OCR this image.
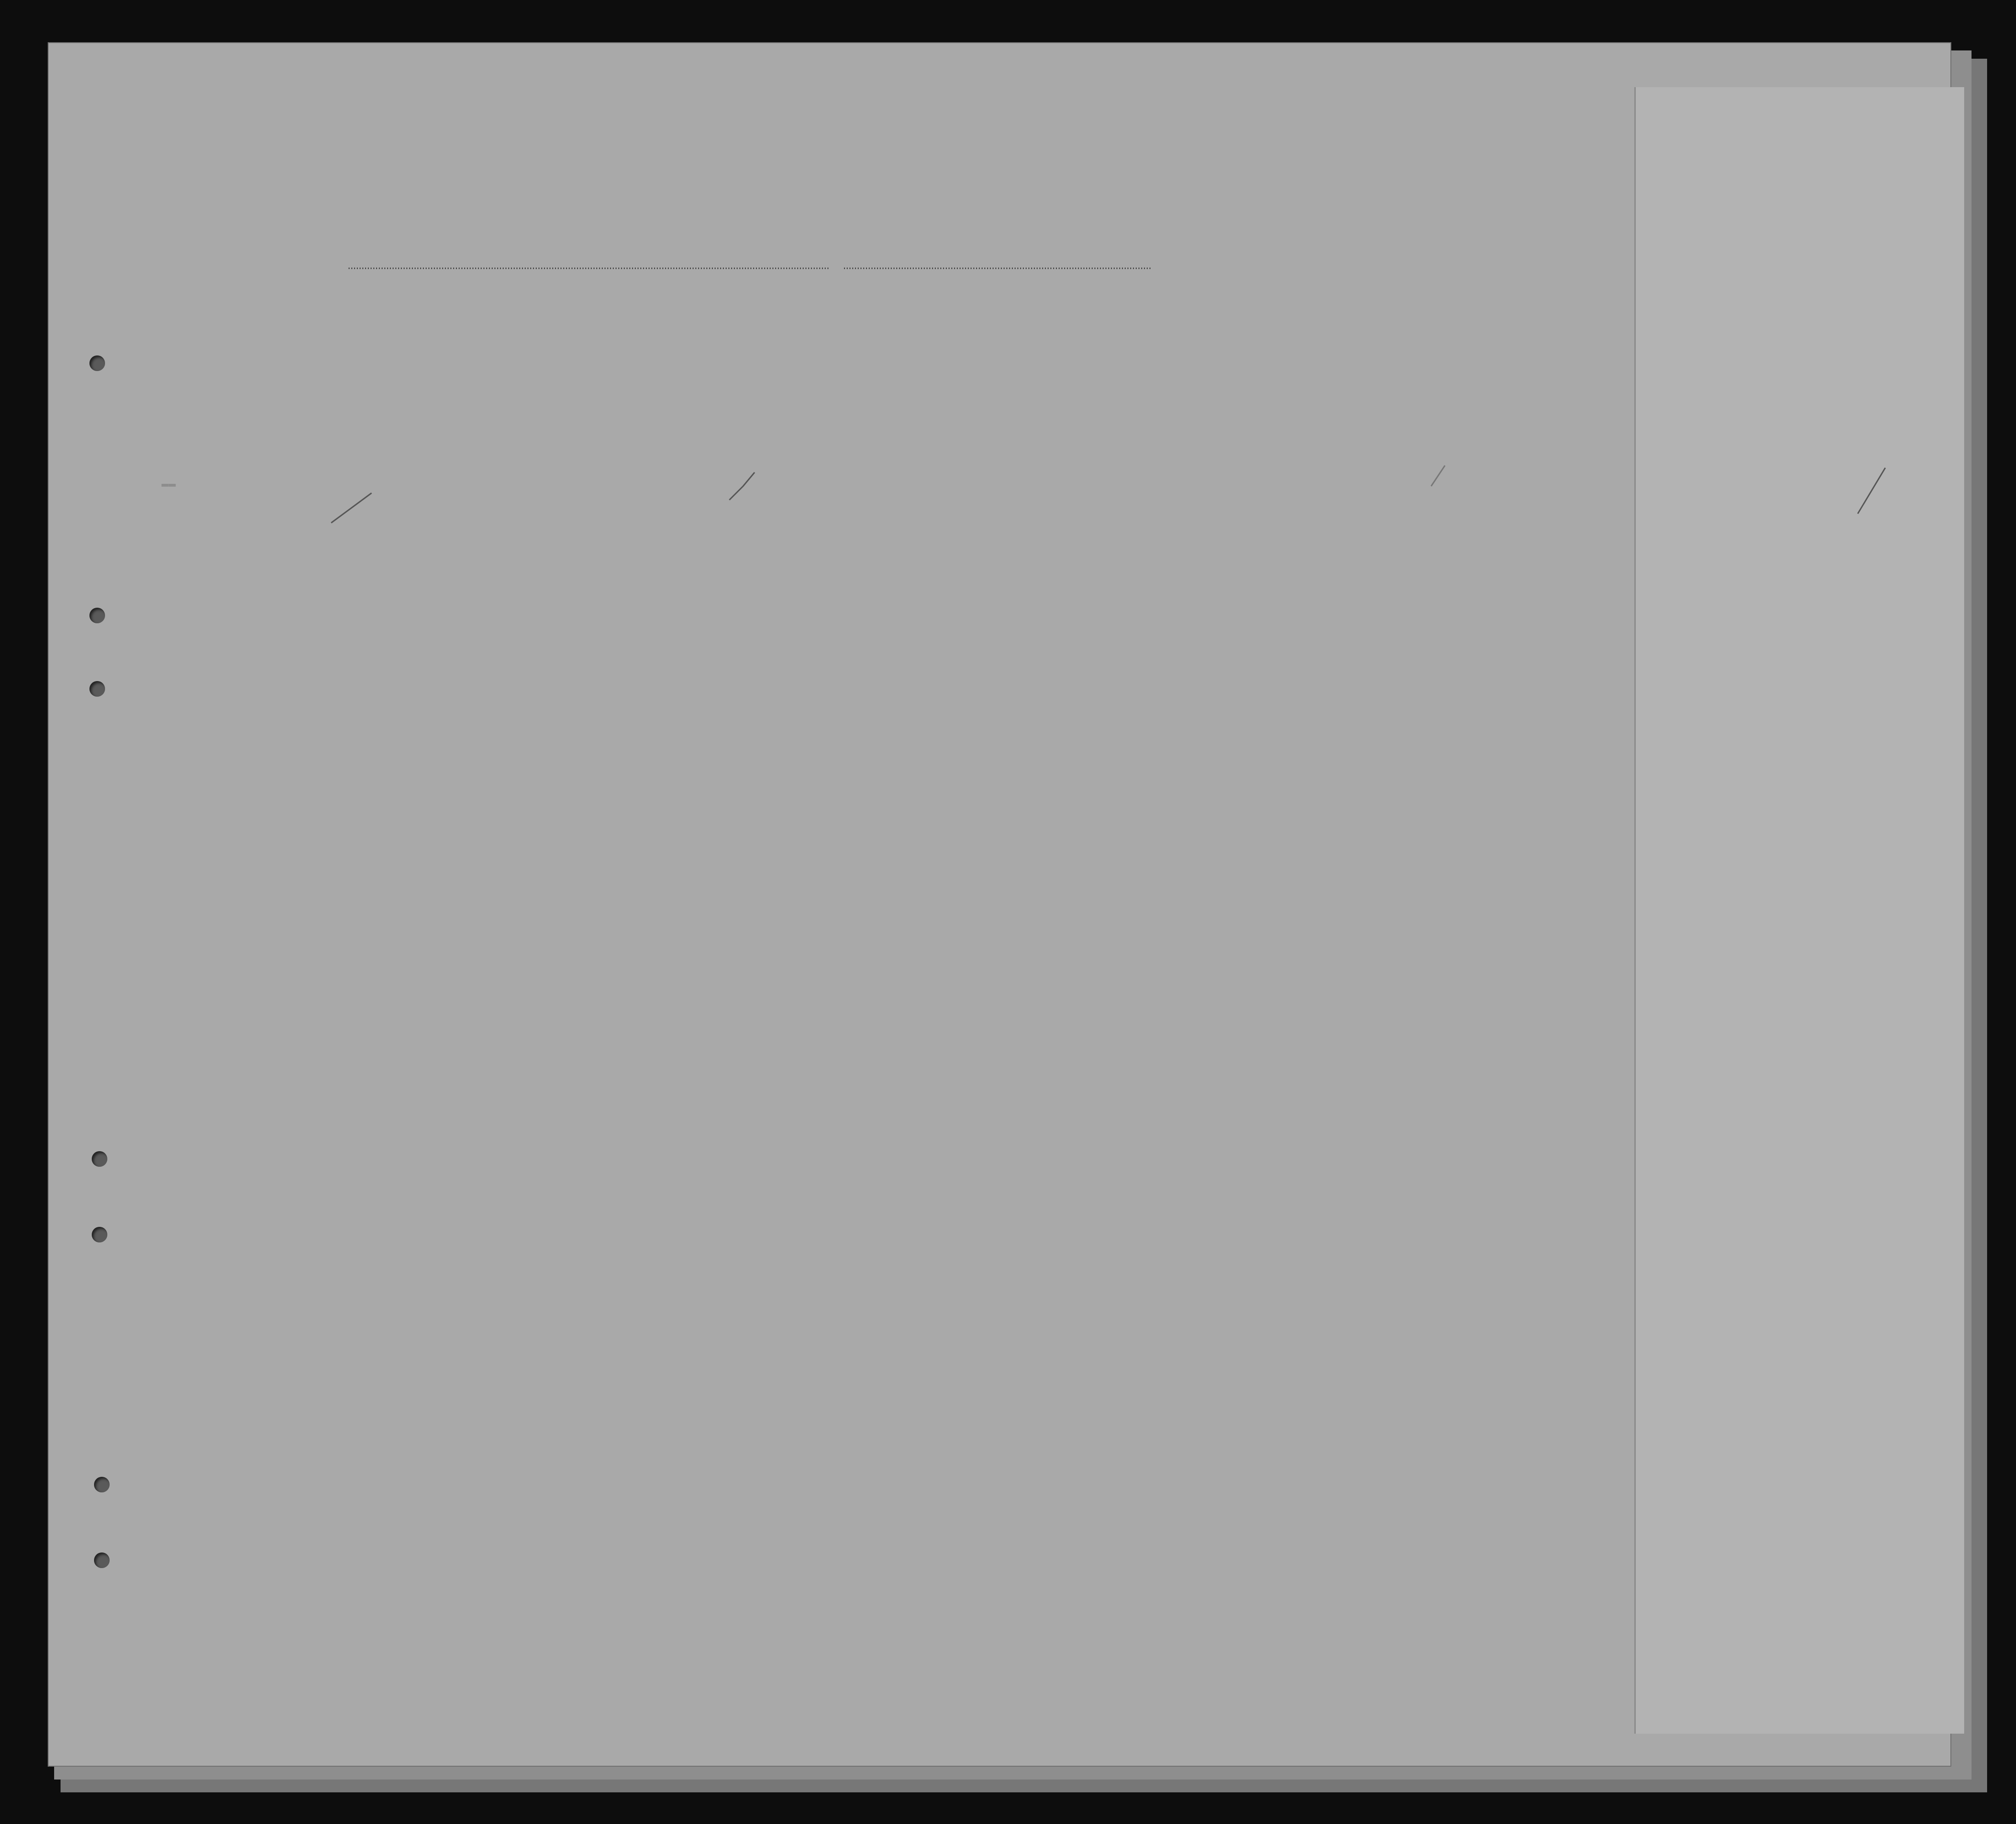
▬▬
